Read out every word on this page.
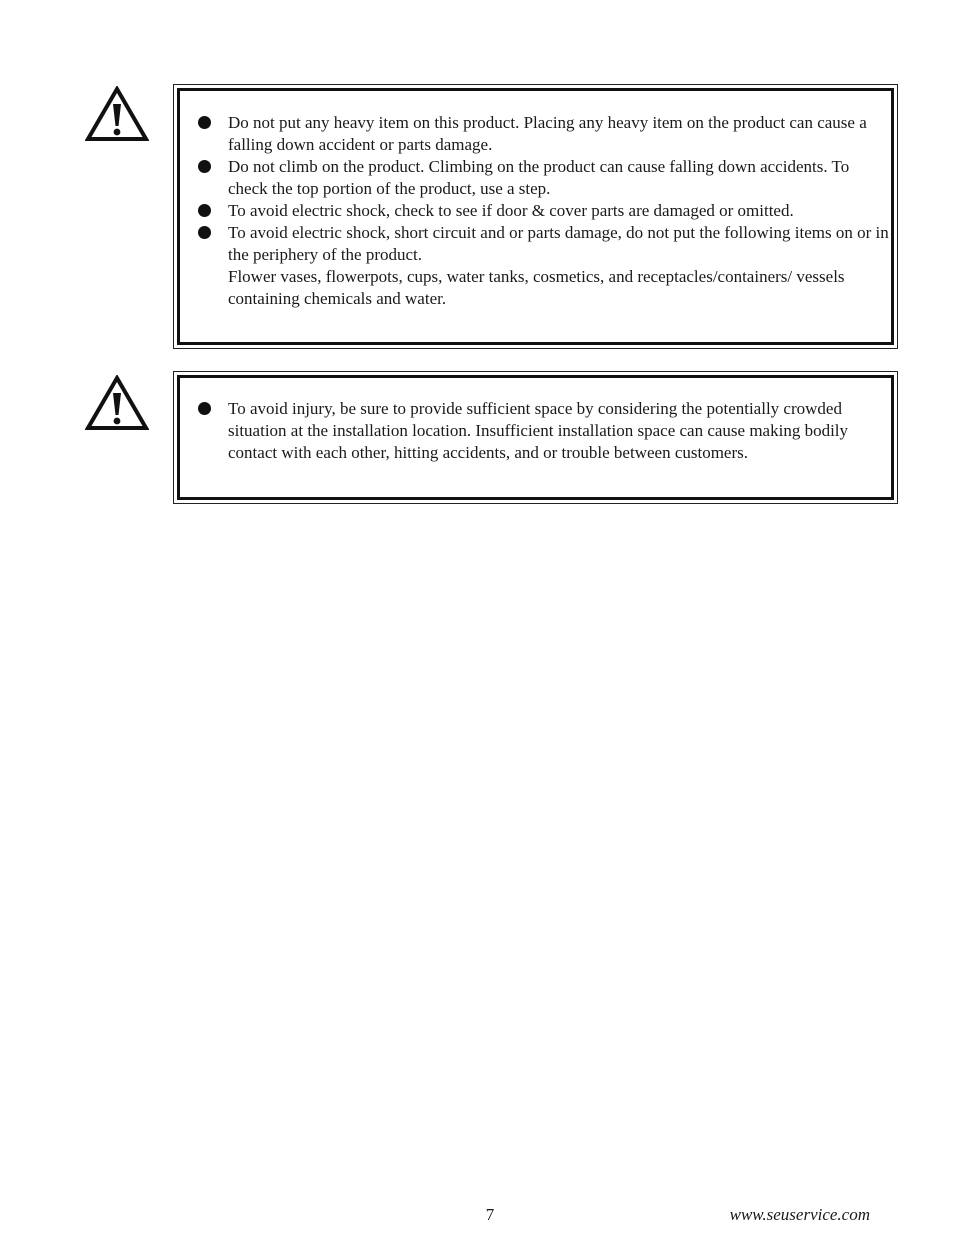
Do not put any heavy item on this product. Placing any heavy item on the product can cause a falling down accident or parts damage.
Do not climb on the product. Climbing on the product can cause falling down accidents. To check the top portion of the product, use a step.
To avoid electric shock, check to see if door & cover parts are damaged or omitted.
To avoid electric shock, short circuit and or parts damage, do not put the following items on or in the periphery of the product.
Flower vases, flowerpots, cups, water tanks, cosmetics, and receptacles/containers/ vessels containing chemicals and water.
To avoid injury, be sure to provide sufficient space by considering the potentially crowded situation at the installation location. Insufficient installation space can cause making bodily contact with each other, hitting accidents, and or trouble between customers.
7	www.seuservice.com
